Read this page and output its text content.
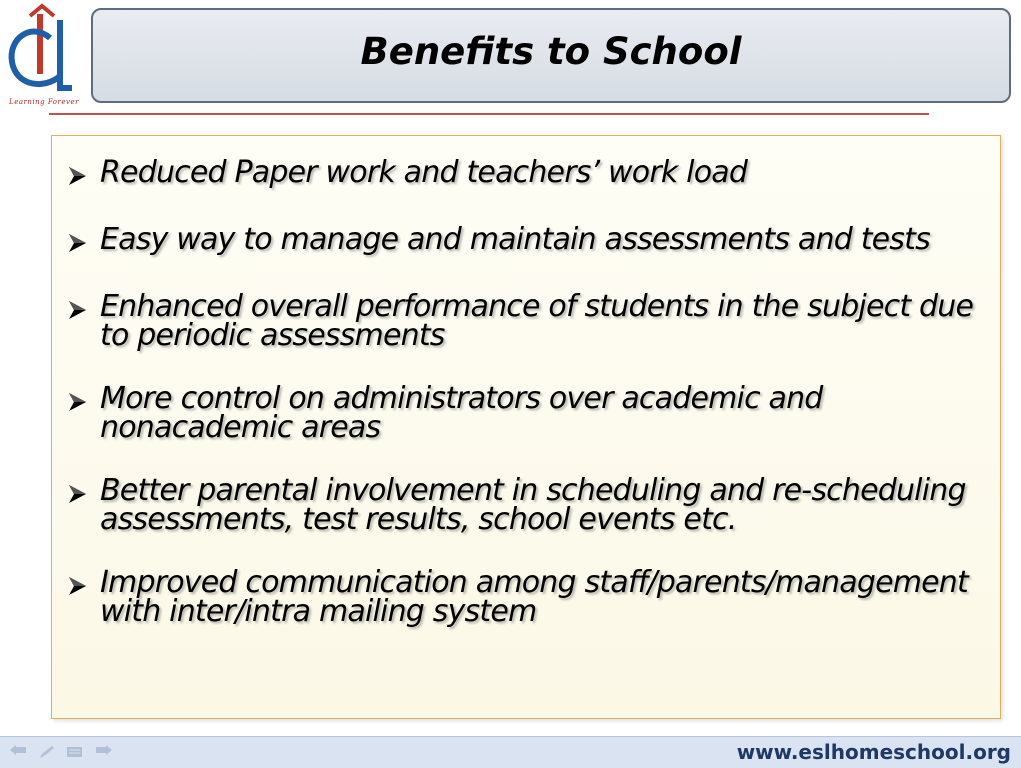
Learning Forever
Benefits to School
Reduced Paper work and teachers’ work load
Easy way to manage and maintain assessments and tests
Enhanced overall performance of students in the subject due to periodic assessments
More control on administrators over academic and nonacademic areas
Better parental involvement in scheduling and re-scheduling assessments, test results, school events etc.
Improved communication among staff/parents/management with inter/intra mailing system
www.eslhomeschool.org
